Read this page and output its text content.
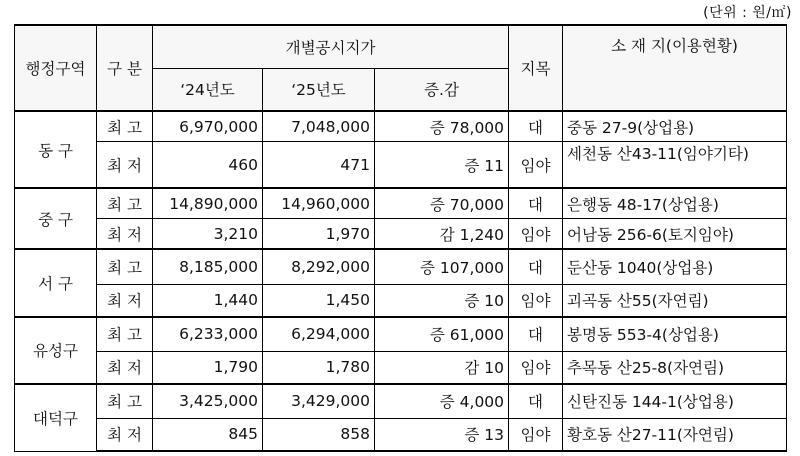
(단위 : 원/㎡)
행정구역	구 분	개별공시지가			지목	소 재 지(이용현황)
		‘24년도	‘25년도	증.감		
동 구	최 고	6,970,000	7,048,000	증 78,000	대	중동 27-9(상업용)
	최 저	460	471	증 11	임야	세천동 산43-11(임야기타)
중 구	최 고	14,890,000	14,960,000	증 70,000	대	은행동 48-17(상업용)
	최 저	3,210	1,970	감 1,240	임야	어남동 256-6(토지임야)
서 구	최 고	8,185,000	8,292,000	증 107,000	대	둔산동 1040(상업용)
	최 저	1,440	1,450	증 10	임야	괴곡동 산55(자연림)
유성구	최 고	6,233,000	6,294,000	증 61,000	대	봉명동 553-4(상업용)
	최 저	1,790	1,780	감 10	임야	추목동 산25-8(자연림)
대덕구	최 고	3,425,000	3,429,000	증 4,000	대	신탄진동 144-1(상업용)
	최 저	845	858	증 13	임야	황호동 산27-11(자연림)
